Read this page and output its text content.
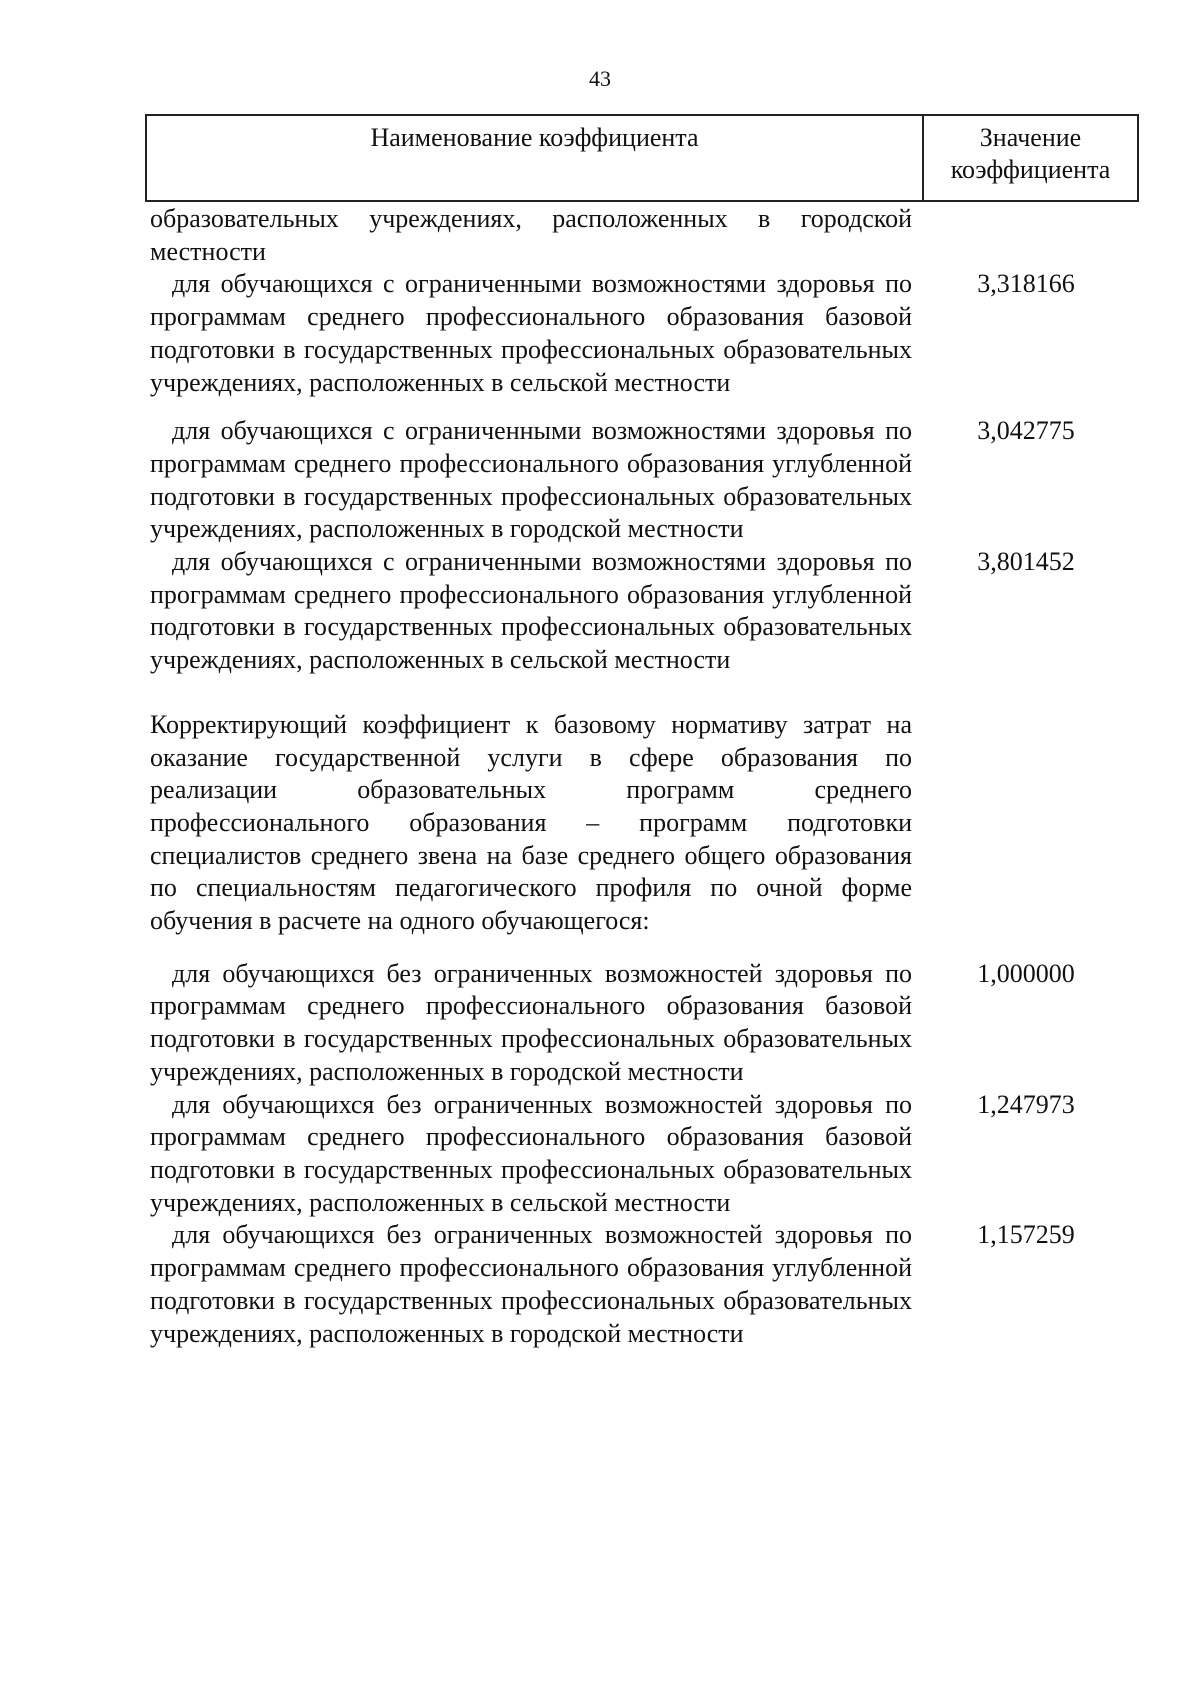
43
Наименование коэффициента	Значение коэффициента
образовательных учреждениях, расположенных в городской местности
для обучающихся с ограниченными возможностями здоровья по программам среднего профессионального образования базовой подготовки в государственных профессиональных образовательных учреждениях, расположенных в сельской местности
3,318166
для обучающихся с ограниченными возможностями здоровья по программам среднего профессионального образования углубленной подготовки в государственных профессиональных образовательных учреждениях, расположенных в городской местности
3,042775
для обучающихся с ограниченными возможностями здоровья по программам среднего профессионального образования углубленной подготовки в государственных профессиональных образовательных учреждениях, расположенных в сельской местности
3,801452
Корректирующий коэффициент к базовому нормативу затрат на оказание государственной услуги в сфере образования по реализации образовательных программ среднего профессионального образования – программ подготовки специалистов среднего звена на базе среднего общего образования по специальностям педагогического профиля по очной форме обучения в расчете на одного обучающегося:
для обучающихся без ограниченных возможностей здоровья по программам среднего профессионального образования базовой подготовки в государственных профессиональных образовательных учреждениях, расположенных в городской местности
1,000000
для обучающихся без ограниченных возможностей здоровья по программам среднего профессионального образования базовой подготовки в государственных профессиональных образовательных учреждениях, расположенных в сельской местности
1,247973
для обучающихся без ограниченных возможностей здоровья по программам среднего профессионального образования углубленной подготовки в государственных профессиональных образовательных учреждениях, расположенных в городской местности
1,157259
